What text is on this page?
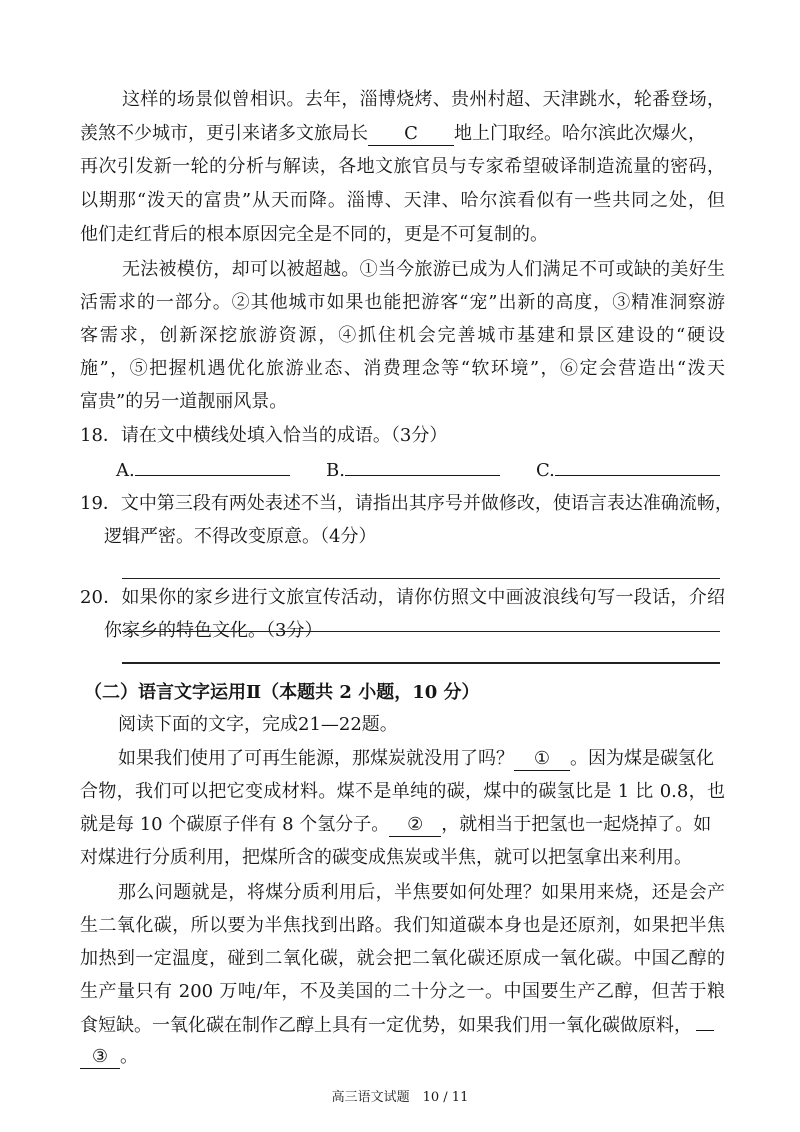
这样的场景似曾相识。去年，淄博烧烤、贵州村超、天津跳水，轮番登场，
羡煞不少城市，更引来诸多文旅局长 C 地上门取经。哈尔滨此次爆火，
再次引发新一轮的分析与解读，各地文旅官员与专家希望破译制造流量的密码，
以期那“泼天的富贵”从天而降。淄博、天津、哈尔滨看似有一些共同之处，但
他们走红背后的根本原因完全是不同的，更是不可复制的。
无法被模仿，却可以被超越。①当今旅游已成为人们满足不可或缺的美好生
活需求的一部分。②其他城市如果也能把游客“宠”出新的高度，③精准洞察游
客需求，创新深挖旅游资源，④抓住机会完善城市基建和景区建设的“硬设
施”，⑤把握机遇优化旅游业态、消费理念等“软环境”，⑥定会营造出“泼天
富贵”的另一道靓丽风景。
18．请在文中横线处填入恰当的成语。（3分）
A.	B.	C.
19．文中第三段有两处表述不当，请指出其序号并做修改，使语言表达准确流畅，
逻辑严密。不得改变原意。（4分）
20．如果你的家乡进行文旅宣传活动，请你仿照文中画波浪线句写一段话，介绍
你家乡的特色文化。（3分）
（二）语言文字运用Ⅱ（本题共 2 小题，10 分）
阅读下面的文字，完成21—22题。
如果我们使用了可再生能源，那煤炭就没用了吗？ ① 。因为煤是碳氢化
合物，我们可以把它变成材料。煤不是单纯的碳，煤中的碳氢比是 1 比 0.8，也
就是每 10 个碳原子伴有 8 个氢分子。 ② ，就相当于把氢也一起烧掉了。如
对煤进行分质利用，把煤所含的碳变成焦炭或半焦，就可以把氢拿出来利用。
那么问题就是，将煤分质利用后，半焦要如何处理？如果用来烧，还是会产
生二氧化碳，所以要为半焦找到出路。我们知道碳本身也是还原剂，如果把半焦
加热到一定温度，碰到二氧化碳，就会把二氧化碳还原成一氧化碳。中国乙醇的
生产量只有 200 万吨/年，不及美国的二十分之一。中国要生产乙醇，但苦于粮
食短缺。一氧化碳在制作乙醇上具有一定优势，如果我们用一氧化碳做原料，
③ 。
高三语文试题　10 / 11
